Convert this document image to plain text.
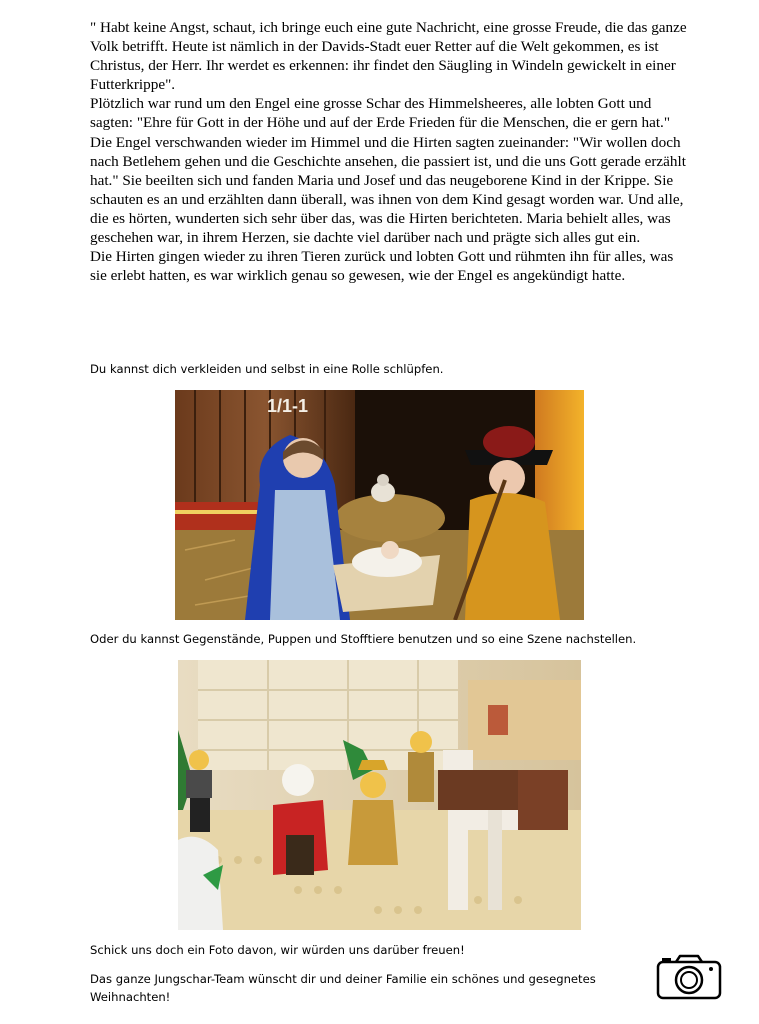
" Habt keine Angst, schaut, ich bringe euch eine gute Nachricht, eine grosse Freude, die das ganze Volk betrifft. Heute ist nämlich in der Davids-Stadt euer Retter auf die Welt gekommen, es ist Christus, der Herr. Ihr werdet es erkennen: ihr findet den Säugling in Windeln gewickelt in einer Futterkrippe".

Plötzlich war rund um den Engel eine grosse Schar des Himmelsheeres, alle lobten Gott und sagten: "Ehre für Gott in der Höhe und auf der Erde Frieden für die Menschen, die er gern hat."

Die Engel verschwanden wieder im Himmel und die Hirten sagten zueinander: "Wir wollen doch nach Betlehem gehen und die Geschichte ansehen, die passiert ist, und die uns Gott gerade erzählt hat." Sie beeilten sich und fanden Maria und Josef und das neugeborene Kind in der Krippe. Sie schauten es an und erzählten dann überall, was ihnen von dem Kind gesagt worden war. Und alle, die es hörten, wunderten sich sehr über das, was die Hirten berichteten. Maria behielt alles, was geschehen war, in ihrem Herzen, sie dachte viel darüber nach und prägte sich alles gut ein.

Die Hirten gingen wieder zu ihren Tieren zurück und lobten Gott und rühmten ihn für alles, was sie erlebt hatten, es war wirklich genau so gewesen, wie der Engel es angekündigt hatte.

Du kannst dich verkleiden und selbst in eine Rolle schlüpfen.

1/1-1

Oder du kannst Gegenstände, Puppen und Stofftiere benutzen und so eine Szene nachstellen.

Schick uns doch ein Foto davon, wir würden uns darüber freuen!

Das ganze Jungschar-Team wünscht dir und deiner Familie ein schönes und gesegnetes

Weihnachten!
